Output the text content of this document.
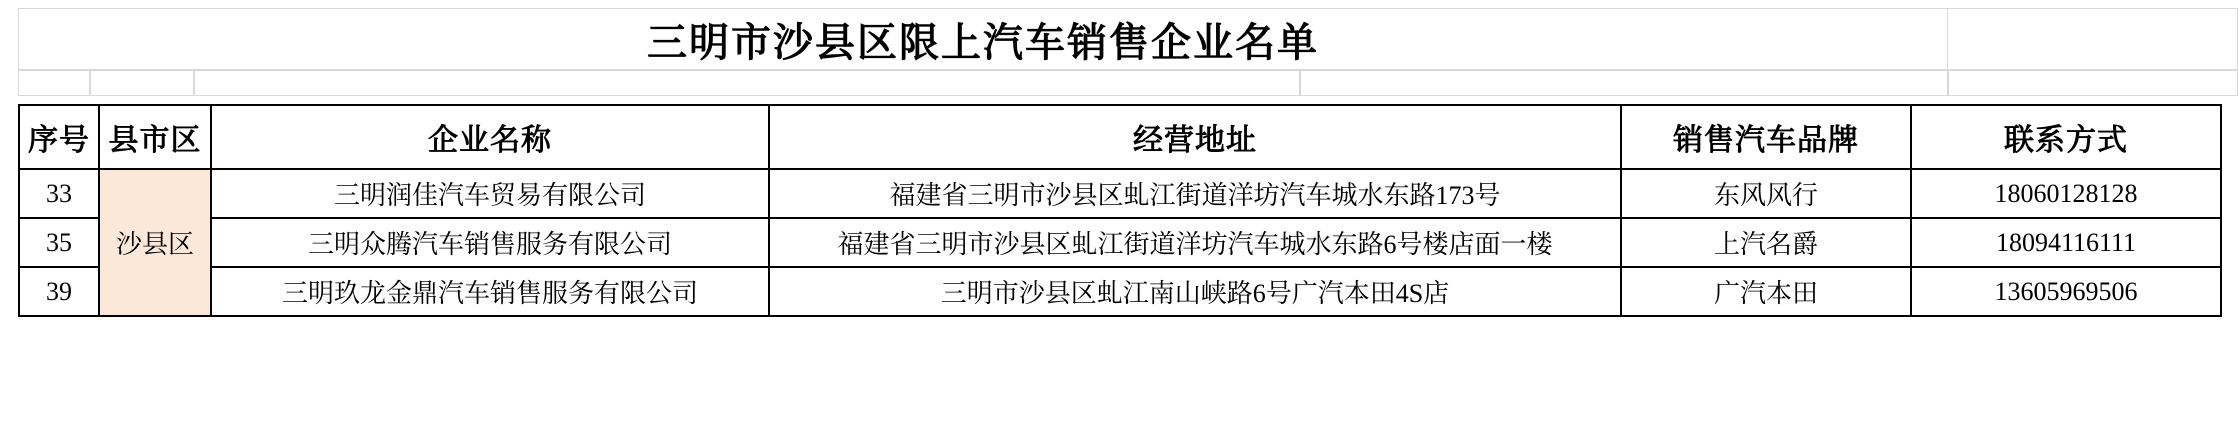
三明市沙县区限上汽车销售企业名单
序号	县市区	企业名称	经营地址	销售汽车品牌	联系方式
33	沙县区	三明润佳汽车贸易有限公司	福建省三明市沙县区虬江街道洋坊汽车城水东路173号	东风风行	18060128128
35		三明众腾汽车销售服务有限公司	福建省三明市沙县区虬江街道洋坊汽车城水东路6号楼店面一楼	上汽名爵	18094116111
39		三明玖龙金鼎汽车销售服务有限公司	三明市沙县区虬江南山峡路6号广汽本田4S店	广汽本田	13605969506
